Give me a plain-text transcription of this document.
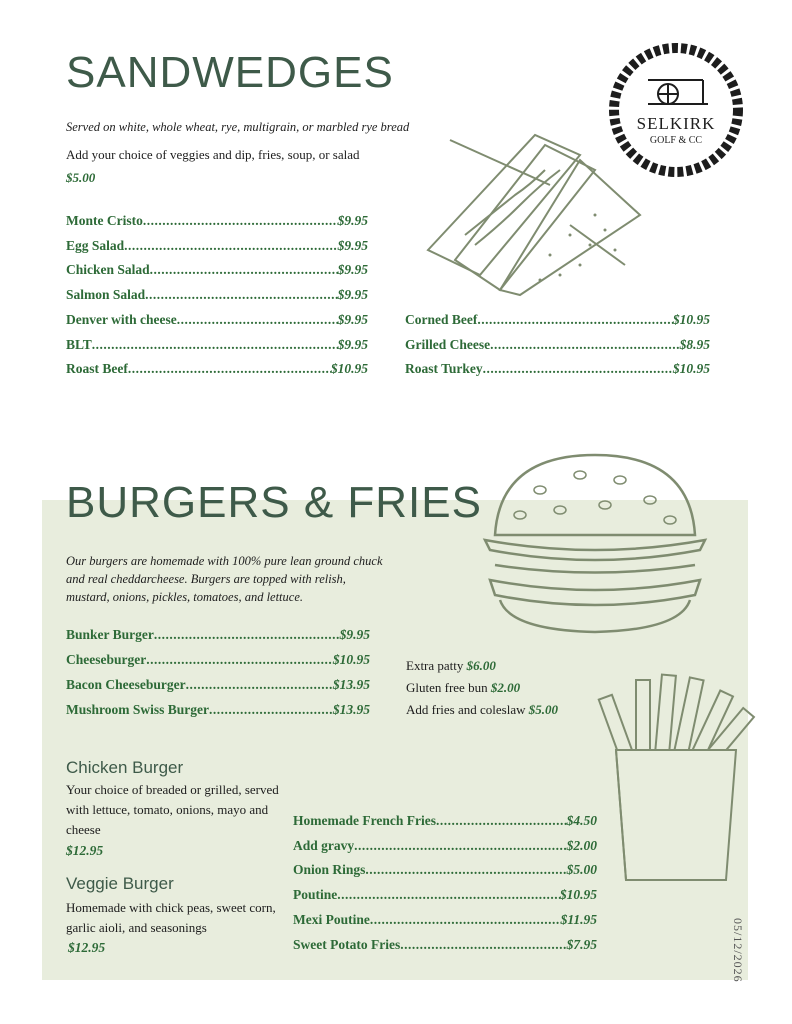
SANDWEDGES
Served on white, whole wheat, rye, multigrain, or marbled rye bread
Add your choice of veggies and dip, fries, soup, or salad
$5.00
Monte Cristo .....	$9.95
Egg Salad .....	$9.95
Chicken Salad .....	$9.95
Salmon Salad .....	$9.95
Denver with cheese .....	$9.95
BLT .....	$9.95
Roast Beef .....	$10.95
Corned Beef .....	$10.95
Grilled Cheese .....	$8.95
Roast Turkey .....	$10.95
SELKIRK
GOLF & CC
BURGERS & FRIES
Our burgers are homemade with 100% pure lean ground chuck and real cheddarcheese. Burgers are topped with relish, mustard, onions, pickles, tomatoes, and lettuce.
Bunker Burger .....	$9.95
Cheeseburger .....	$10.95
Bacon Cheeseburger .....	$13.95
Mushroom Swiss Burger .....	$13.95
Extra patty $6.00
Gluten free bun $2.00
Add fries and coleslaw $5.00
Chicken Burger
Your choice of breaded or grilled, served with lettuce, tomato, onions, mayo and cheese
$12.95
Veggie Burger
Homemade with chick peas, sweet corn, garlic aioli, and seasonings
$12.95
Homemade French Fries .....	$4.50
Add gravy .....	$2.00
Onion Rings .....	$5.00
Poutine .....	$10.95
Mexi Poutine .....	$11.95
Sweet Potato Fries .....	$7.95	05/12/2026
